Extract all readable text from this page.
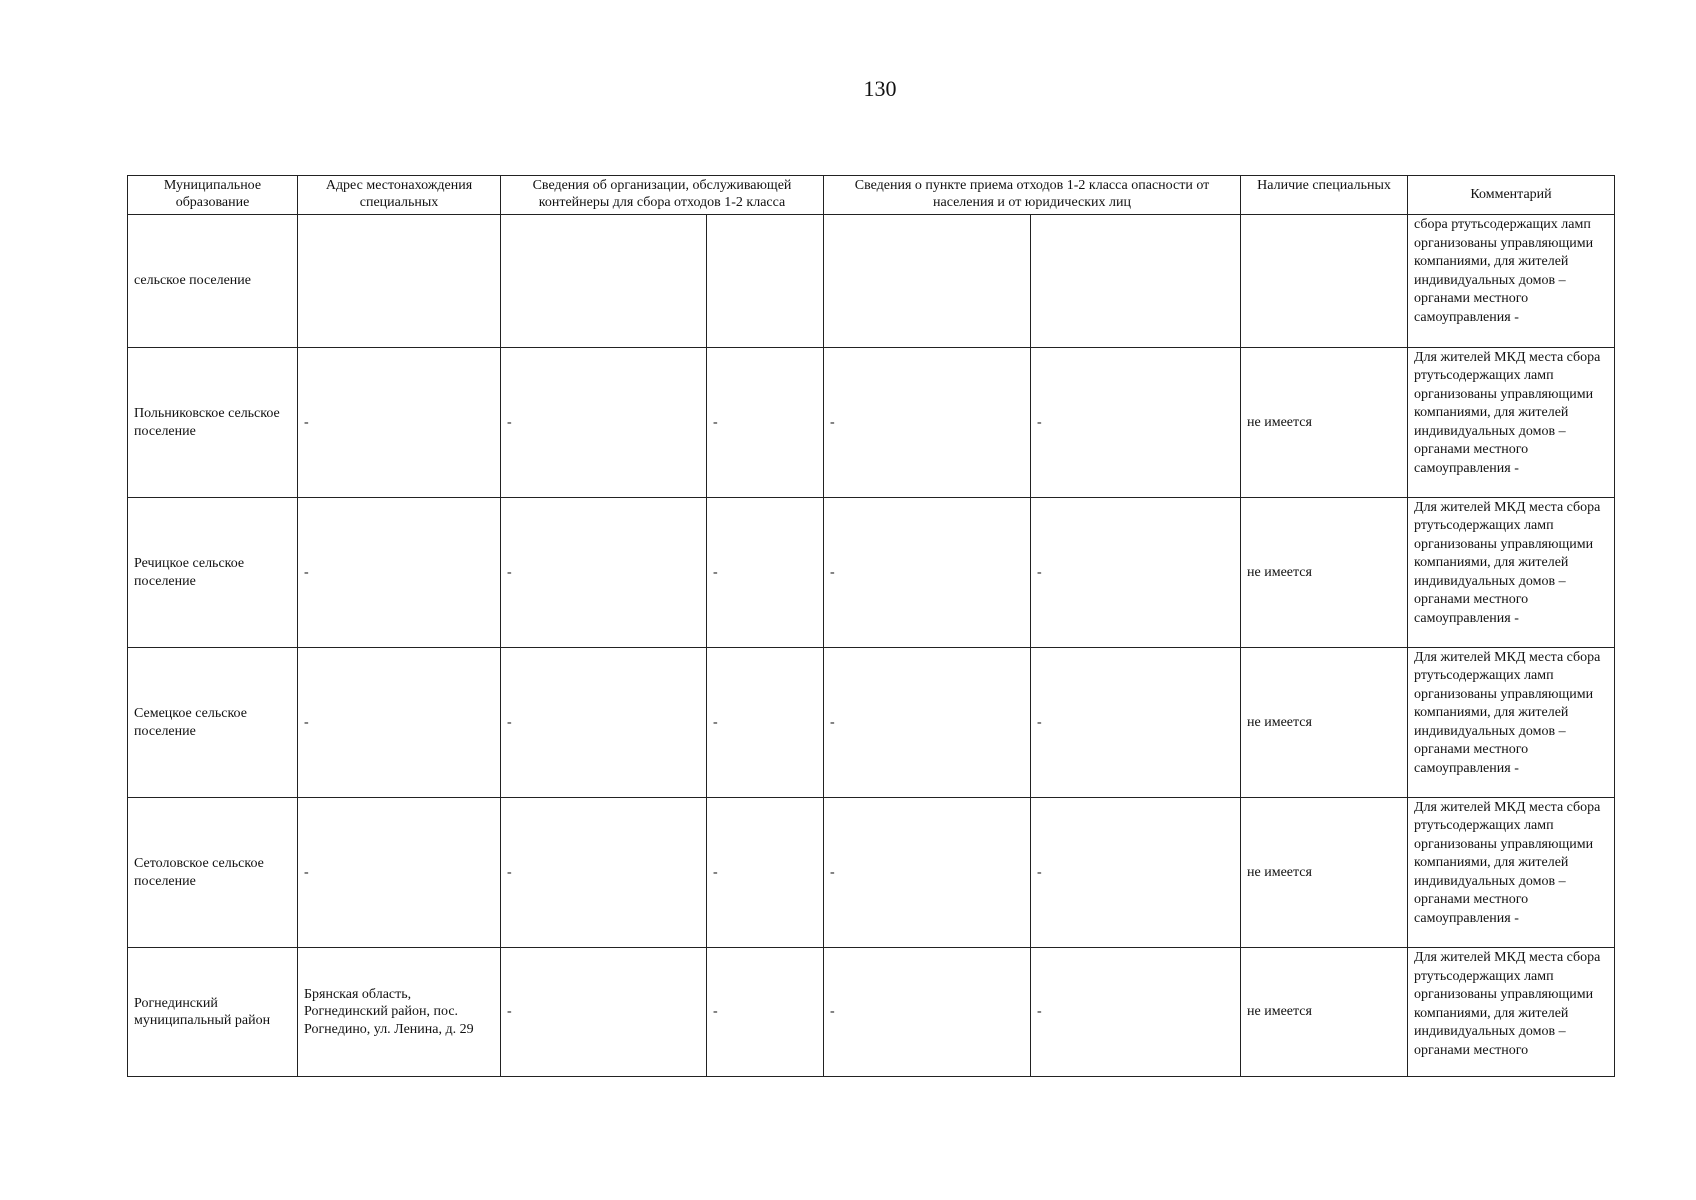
130
Муниципальное образование	Адрес местонахождения специальных	Сведения об организации, обслуживающей контейнеры для сбора отходов 1-2 класса		Сведения о пункте приема отходов 1-2 класса опасности от населения и от юридических лиц		Наличие специальных	Комментарий

сельское поселение							сбора ртутьсодержащих ламп организованы управляющими компаниями, для жителей индивидуальных домов – органами местного самоуправления -

Польниковское сельское поселение	-	-	-	-	-	не имеется	Для жителей МКД места сбора ртутьсодержащих ламп организованы управляющими компаниями, для жителей индивидуальных домов – органами местного самоуправления -

Речицкое сельское поселение	-	-	-	-	-	не имеется	Для жителей МКД места сбора ртутьсодержащих ламп организованы управляющими компаниями, для жителей индивидуальных домов – органами местного самоуправления -

Семецкое сельское поселение	-	-	-	-	-	не имеется	Для жителей МКД места сбора ртутьсодержащих ламп организованы управляющими компаниями, для жителей индивидуальных домов – органами местного самоуправления -

Сетоловское сельское поселение	-	-	-	-	-	не имеется	Для жителей МКД места сбора ртутьсодержащих ламп организованы управляющими компаниями, для жителей индивидуальных домов – органами местного самоуправления -

Рогнединский муниципальный район	Брянская область, Рогнединский район, пос. Рогнедино, ул. Ленина, д. 29	-	-	-	-	не имеется	Для жителей МКД места сбора ртутьсодержащих ламп организованы управляющими компаниями, для жителей индивидуальных домов – органами местного
